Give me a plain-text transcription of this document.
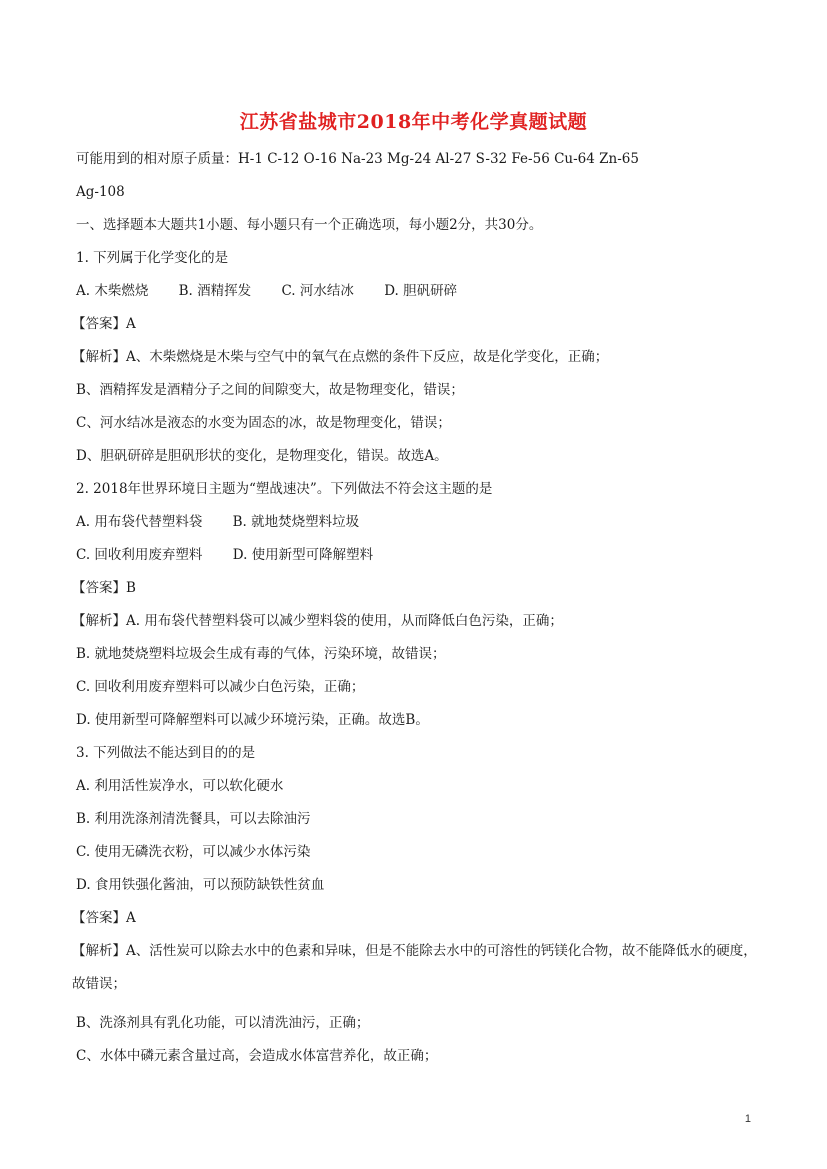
江苏省盐城市2018年中考化学真题试题
可能用到的相对原子质量：H-1 C-12 O-16 Na-23 Mg-24 Al-27 S-32 Fe-56 Cu-64 Zn-65
Ag-108
一、选择题本大题共1小题、每小题只有一个正确选项，每小题2分，共30分。
1. 下列属于化学变化的是
A. 木柴燃烧 B. 酒精挥发 C. 河水结冰 D. 胆矾研碎
【答案】A
【解析】A、木柴燃烧是木柴与空气中的氧气在点燃的条件下反应，故是化学变化，正确；
B、酒精挥发是酒精分子之间的间隙变大，故是物理变化，错误；
C、河水结冰是液态的水变为固态的冰，故是物理变化，错误；
D、胆矾研碎是胆矾形状的变化，是物理变化，错误。故选A。
2. 2018年世界环境日主题为“塑战速决”。下列做法不符会这主题的是
A. 用布袋代替塑料袋 B. 就地焚烧塑料垃圾
C. 回收利用废弃塑料 D. 使用新型可降解塑料
【答案】B
【解析】A. 用布袋代替塑料袋可以减少塑料袋的使用，从而降低白色污染，正确；
B. 就地焚烧塑料垃圾会生成有毒的气体，污染环境，故错误；
C. 回收利用废弃塑料可以减少白色污染，正确；
D. 使用新型可降解塑料可以减少环境污染，正确。故选B。
3. 下列做法不能达到目的的是
A. 利用活性炭净水，可以软化硬水
B. 利用洗涤剂清洗餐具，可以去除油污
C. 使用无磷洗衣粉，可以减少水体污染
D. 食用铁强化酱油，可以预防缺铁性贫血
【答案】A
【解析】A、活性炭可以除去水中的色素和异味，但是不能除去水中的可溶性的钙镁化合物，故不能降低水的硬度，故错误；
B、洗涤剂具有乳化功能，可以清洗油污，正确；
C、水体中磷元素含量过高，会造成水体富营养化，故正确；
1
